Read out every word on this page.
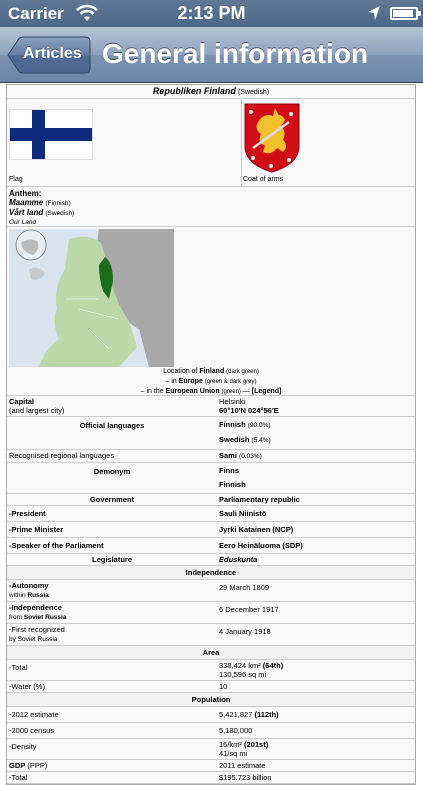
Carrier	2:13 PM
Articles General information
Republiken Finland (Swedish)
Flag	Coat of arms
Anthem:
Maamme (Finnish)
Vårt land (Swedish)
Our Land
Location of Finland (dark green)
– in Europe (green & dark grey)
– in the European Union (green) — [Legend]
Capital
(and largest city)	Helsinki
60°10′N 024°56′E
Official languages	Finnish (90.0%)
Swedish (5.4%)
Recognised regional languages	Sami (0.03%)
Demonym	Finns
Finnish
Government	Parliamentary republic
-President	Sauli Niinistö
-Prime Minister	Jyrki Katainen (NCP)
-Speaker of the Parliament	Eero Heinäluoma (SDP)
Legislature	Eduskunta
Independence	
-Autonomy
within Russia	29 March 1809
-Independence
from Soviet Russia	6 December 1917
-First recognized
by Soviet Russia	4 January 1918
Area	
-Total	338,424 km² (64th)
130,596 sq mi
-Water (%)	10
Population	
-2012 estimate	5,421,827 (112th)
-2000 census	5,180,000
-Density	16/km² (201st)
41/sq mi
GDP (PPP)	2011 estimate
-Total	$195.723 billion
